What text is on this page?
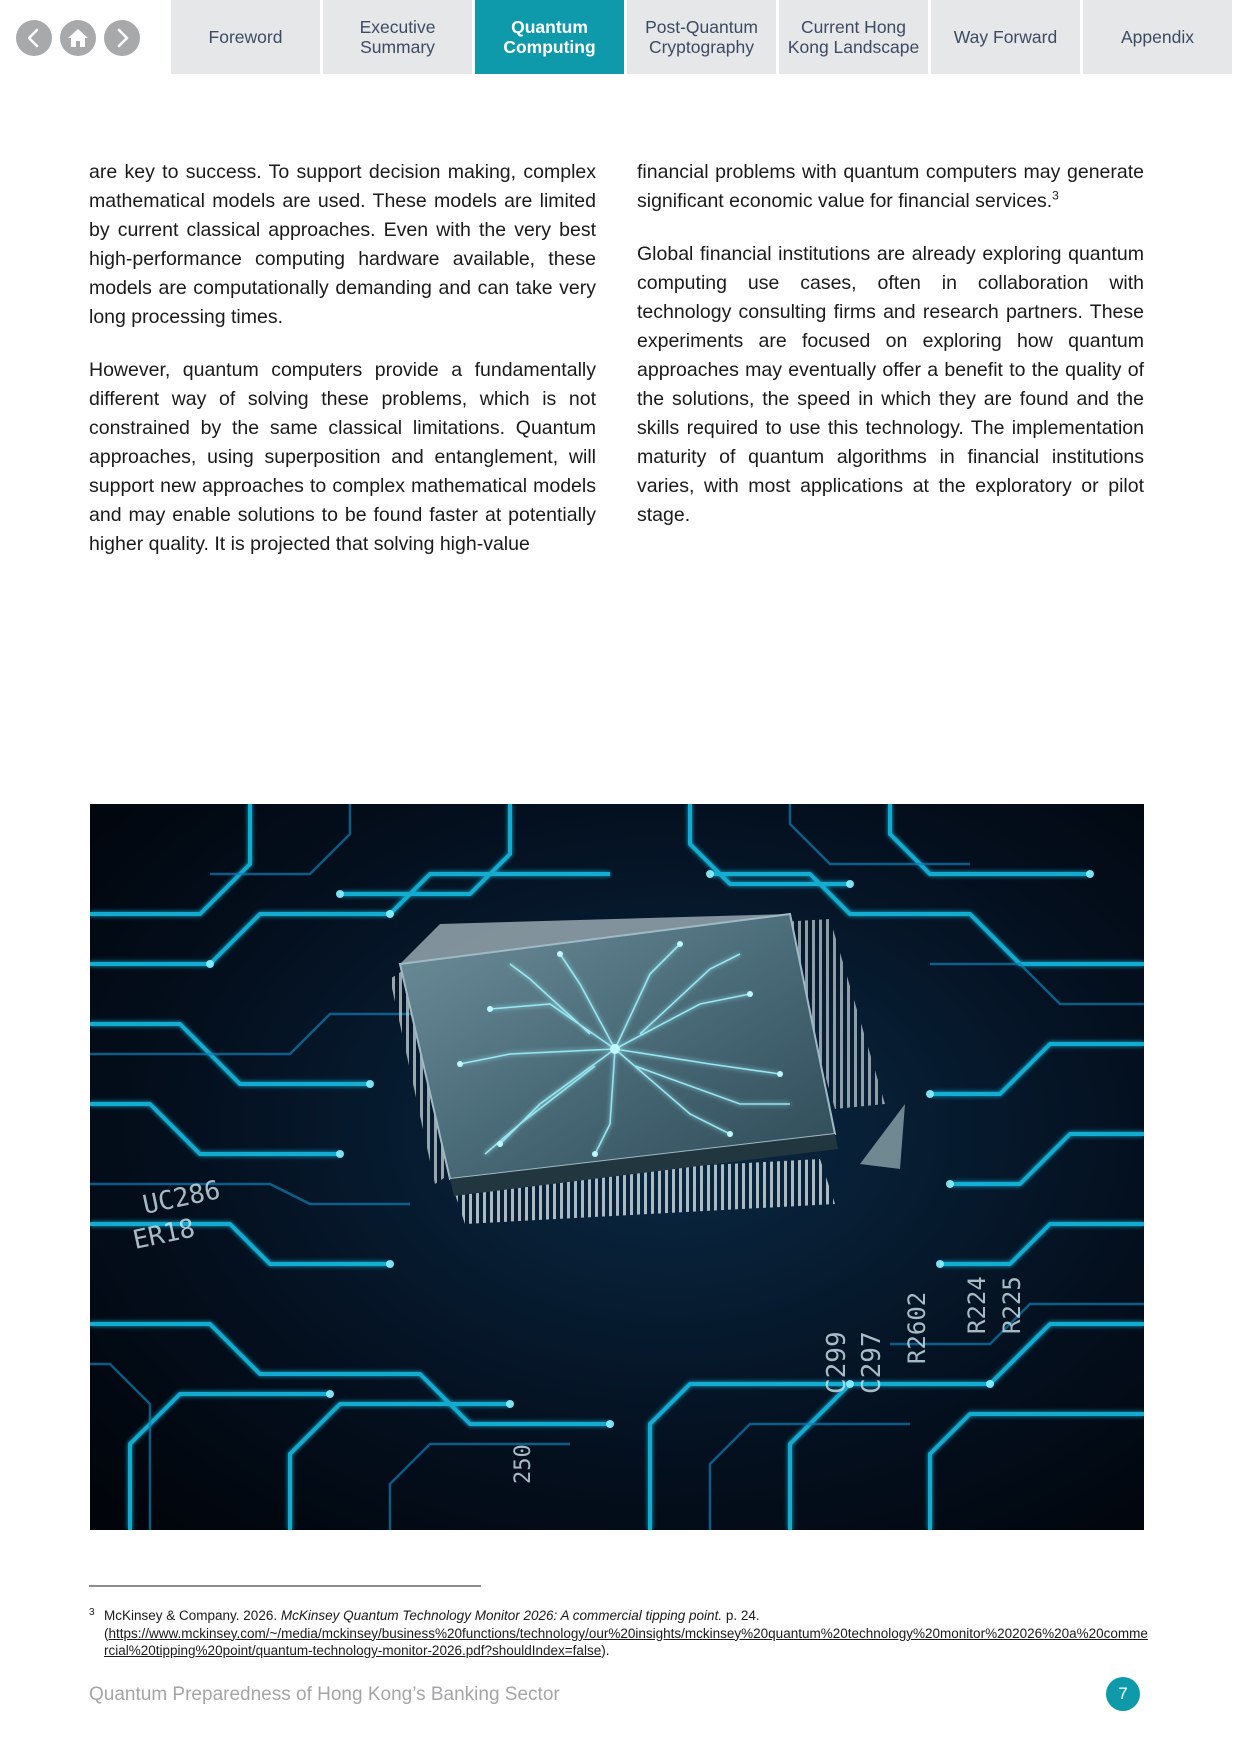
Foreword	Executive
Summary
Quantum
Computing
Post-Quantum
Cryptography
Current Hong
Kong Landscape	Way Forward	Appendix

are key to success. To support decision making, complex mathematical models are used. These models are limited by current classical approaches. Even with the very best high-performance computing hardware available, these models are computationally demanding and can take very long processing times.

However, quantum computers provide a fundamentally different way of solving these problems, which is not constrained by the same classical limitations. Quantum approaches, using superposition and entanglement, will support new approaches to complex mathematical models and may enable solutions to be found faster at potentially higher quality. It is projected that solving high-value

financial problems with quantum computers may generate significant economic value for financial services.$^3$

Global financial institutions are already exploring quantum computing use cases, often in collaboration with technology consulting firms and research partners. These experiments are focused on exploring how quantum approaches may eventually offer a benefit to the quality of the solutions, the speed in which they are found and the skills required to use this technology. The implementation maturity of quantum algorithms in financial institutions varies, with most applications at the exploratory or pilot stage.

UC286
ER18
C299 C297 R2602 R224 R225
250
3 McKinsey & Company. 2026. McKinsey Quantum Technology Monitor 2026: A commercial tipping point. p. 24.
(https://www.mckinsey.com/~/media/mckinsey/business%20functions/technology/our%20insights/mckinsey%20quantum%20technology%20monitor%202026%20a%20commercial%20tipping%20point/quantum-technology-monitor-2026.pdf?shouldIndex=false).
Quantum Preparedness of Hong Kong’s Banking Sector	7
